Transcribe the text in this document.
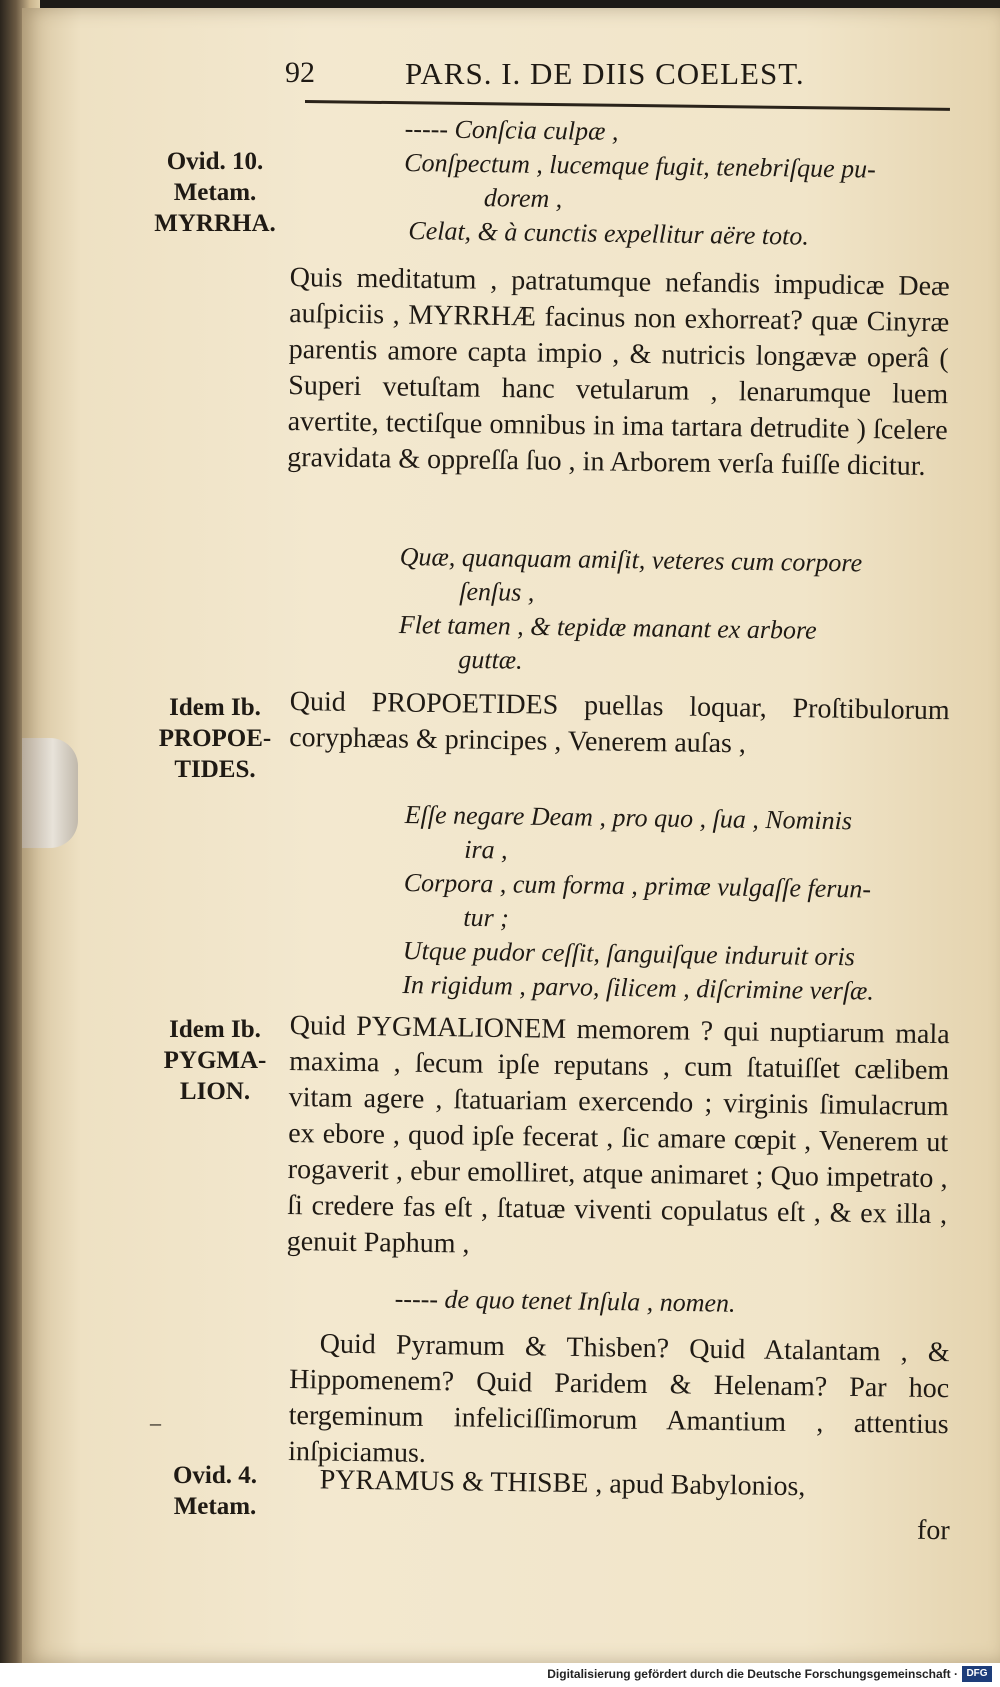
92	PARS. I. DE DIIS COELEST.
----- Conſcia culpæ ,
Conſpectum , lucemque fugit, tenebriſque pu-
dorem ,
Celat, & à cunctis expellitur aëre toto.
Ovid. 10.
Metam.
MYRRHA.
Quis meditatum , patratumque nefandis impudicæ Deæ auſpiciis , MYRRHÆ facinus non exhorreat? quæ Cinyræ parentis amore capta impio , & nutricis longævæ operâ ( Superi vetuſtam hanc vetularum , lenarumque luem avertite, tectiſque omnibus in ima tartara detrudite ) ſcelere gravidata & oppreſſa ſuo , in Arborem verſa fuiſſe dicitur.
Quæ, quanquam amiſit, veteres cum corpore
ſenſus ,
Flet tamen , & tepidæ manant ex arbore
guttæ.
Idem Ib.
PROPOE-
TIDES.
Quid PROPOETIDES puellas loquar, Proſtibulorum coryphæas & principes , Venerem auſas ,
Eſſe negare Deam , pro quo , ſua , Nominis
ira ,
Corpora , cum forma , primæ vulgaſſe ferun-
tur ;
Utque pudor ceſſit, ſanguiſque induruit oris
In rigidum , parvo, ſilicem , diſcrimine verſæ.
Idem Ib.
PYGMA-
LION.
Quid PYGMALIONEM memorem ? qui nuptiarum mala maxima , ſecum ipſe reputans , cum ſtatuiſſet cælibem vitam agere , ſtatuariam exercendo ; virginis ſimulacrum ex ebore , quod ipſe fecerat , ſic amare cœpit , Venerem ut rogaverit , ebur emolliret, atque animaret ; Quo impetrato , ſi credere fas eſt , ſtatuæ viventi copulatus eſt , & ex illa , genuit Paphum ,
----- de quo tenet Inſula , nomen.
–
Quid Pyramum & Thisben? Quid Atalantam , & Hippomenem? Quid Paridem & Helenam? Par hoc tergeminum infeliciſſimorum Amantium , attentius inſpiciamus.
Ovid. 4.
Metam.
PYRAMUS & THISBE , apud Babylonios,
for
Digitalisierung gefördert durch die Deutsche Forschungsgemeinschaft · DFG
